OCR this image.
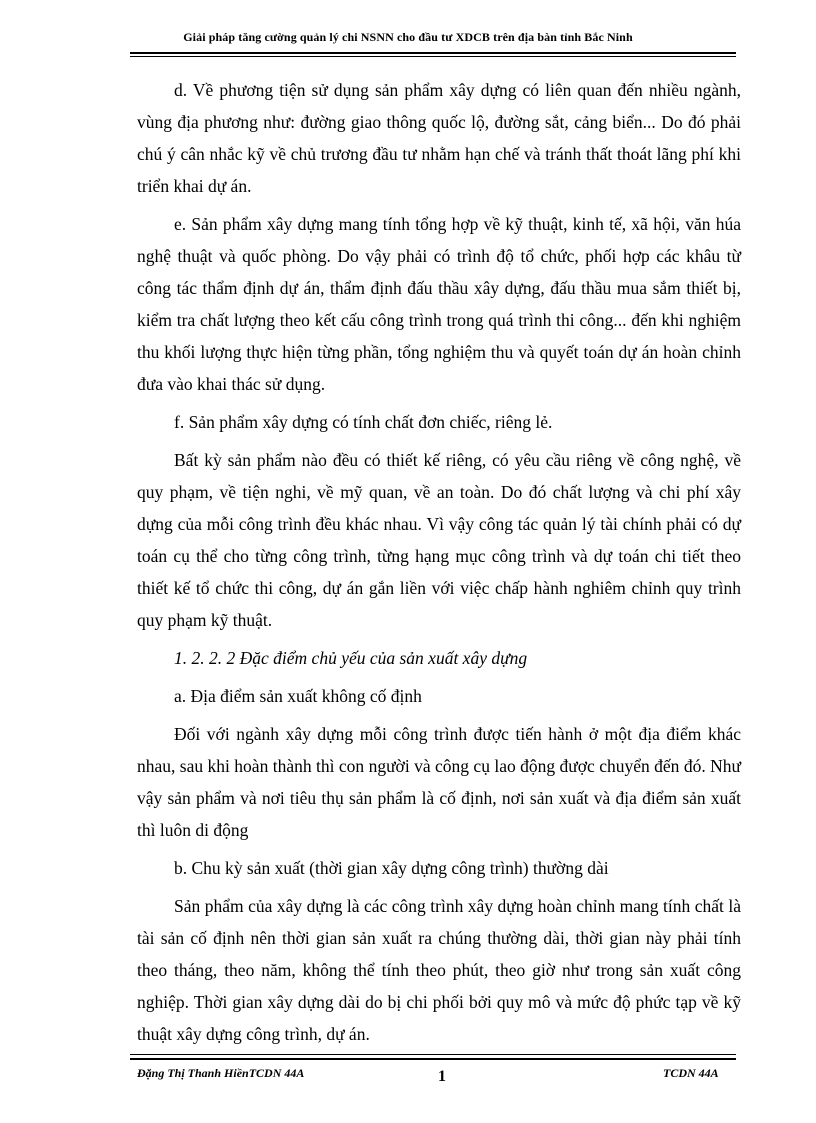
Giải pháp tăng cường quản lý chi NSNN cho đầu tư XDCB trên địa bàn tỉnh Bắc Ninh

d. Về phương tiện sử dụng sản phẩm xây dựng có liên quan đến nhiều ngành, vùng địa phương như: đường giao thông quốc lộ, đường sắt, cảng biển... Do đó phải chú ý cân nhắc kỹ về chủ trương đầu tư nhằm hạn chế và tránh thất thoát lãng phí khi triển khai dự án.

e. Sản phẩm xây dựng mang tính tổng hợp về kỹ thuật, kinh tế, xã hội, văn húa nghệ thuật và quốc phòng. Do vậy phải có trình độ tổ chức, phối hợp các khâu từ công tác thẩm định dự án, thẩm định đấu thầu xây dựng, đấu thầu mua sắm thiết bị, kiểm tra chất lượng theo kết cấu công trình trong quá trình thi công... đến khi nghiệm thu khối lượng thực hiện từng phần, tổng nghiệm thu và quyết toán dự án hoàn chỉnh đưa vào khai thác sử dụng.

f. Sản phẩm xây dựng có tính chất đơn chiếc, riêng lẻ.

Bất kỳ sản phẩm nào đều có thiết kế riêng, có yêu cầu riêng về công nghệ, về quy phạm, về tiện nghi, về mỹ quan, về an toàn. Do đó chất lượng và chi phí xây dựng của mỗi công trình đều khác nhau. Vì vậy công tác quản lý tài chính phải có dự toán cụ thể cho từng công trình, từng hạng mục công trình và dự toán chi tiết theo thiết kế tổ chức thi công, dự án gắn liền với việc chấp hành nghiêm chỉnh quy trình quy phạm kỹ thuật.

1. 2. 2. 2 Đặc điểm chủ yếu của sản xuất xây dựng

a. Địa điểm sản xuất không cố định

Đối với ngành xây dựng mỗi công trình được tiến hành ở một địa điểm khác nhau, sau khi hoàn thành thì con người và công cụ lao động được chuyển đến đó. Như vậy sản phẩm và nơi tiêu thụ sản phẩm là cố định, nơi sản xuất và địa điểm sản xuất thì luôn di động

b. Chu kỳ sản xuất (thời gian xây dựng công trình) thường dài

Sản phẩm của xây dựng là các công trình xây dựng hoàn chỉnh mang tính chất là tài sản cố định nên thời gian sản xuất ra chúng thường dài, thời gian này phải tính theo tháng, theo năm, không thể tính theo phút, theo giờ như trong sản xuất công nghiệp. Thời gian xây dựng dài do bị chi phối bởi quy mô và mức độ phức tạp về kỹ thuật xây dựng công trình, dự án.

Đặng Thị Thanh HiềnTCDN 44A	1	TCDN 44A
